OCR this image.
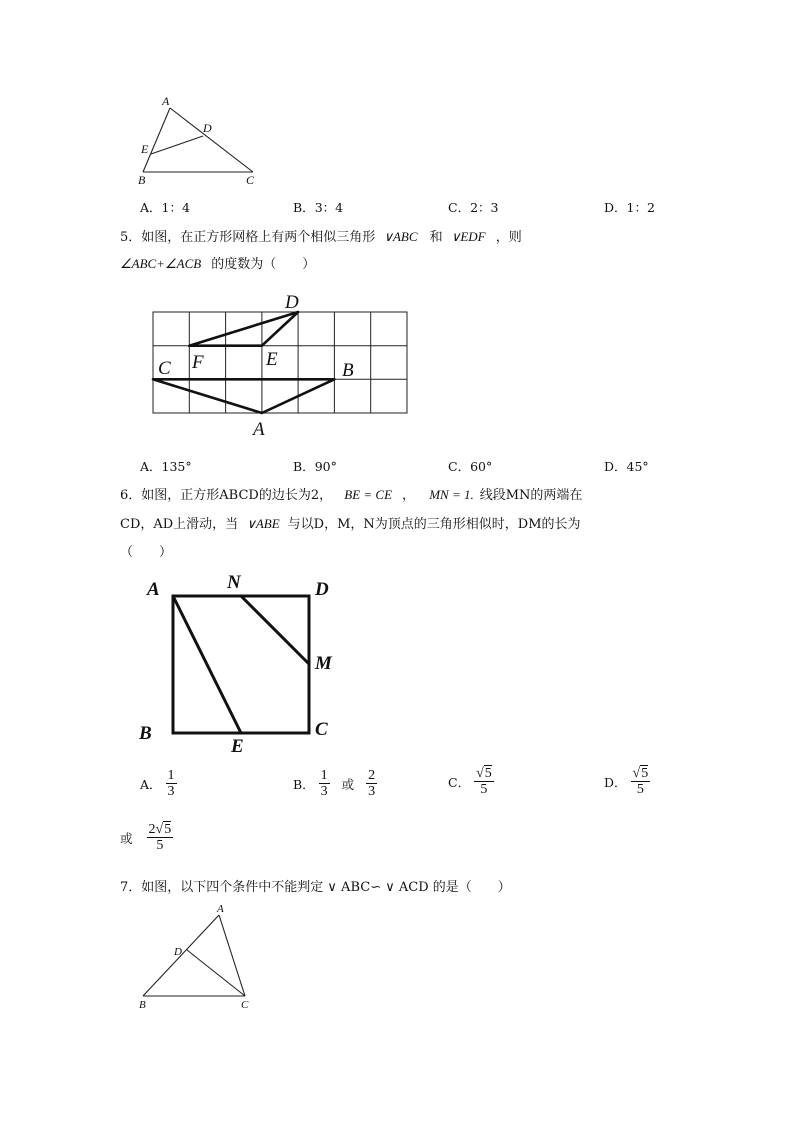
A
D
E
B	C
A．1：4	B．3：4	C．2：3	D．1：2
5．如图，在正方形网格上有两个相似三角形 ∨ABC 和 ∨EDF ，则
∠ABC+∠ACB 的度数为（　　）
D
C F	E
B
A
A．135°	B．90°	C．60°	D．45°
6．如图，正方形ABCD的边长为2， BE = CE ， MN = 1. 线段MN的两端在
CD，AD上滑动，当 ∨ABE 与以D，M，N为顶点的三角形相似时，DM的长为
（　　）
A	N	D
M
B	C
E
A． $\frac{1}{3}$	B． $\frac{1}{3}$ 或 $\frac{2}{3}$	C． $\frac{√5}{5}$	D． $\frac{√5}{5}$
或 $\frac{2√5}{5}$
7．如图，以下四个条件中不能判定 ∨ ABC∽ ∨ ACD 的是（　　）
A
D
B	C
